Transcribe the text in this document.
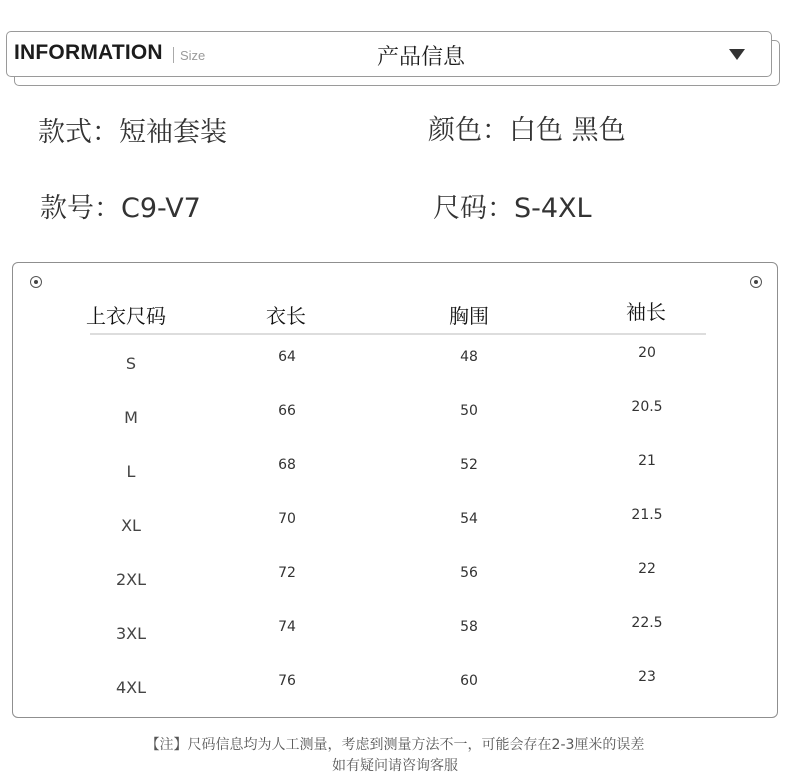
INFORMATION Size	产品信息
款式：短袖套装	颜色：白色 黑色
款号：C9-V7	尺码：S-4XL
上衣尺码	衣长	胸围	袖长
S	64	48	20
M	66	50	20.5
L	68	52	21
XL	70	54	21.5
2XL	72	56	22
3XL	74	58	22.5
4XL	76	60	23
【注】尺码信息均为人工测量，考虑到测量方法不一，可能会存在2-3厘米的误差
如有疑问请咨询客服
